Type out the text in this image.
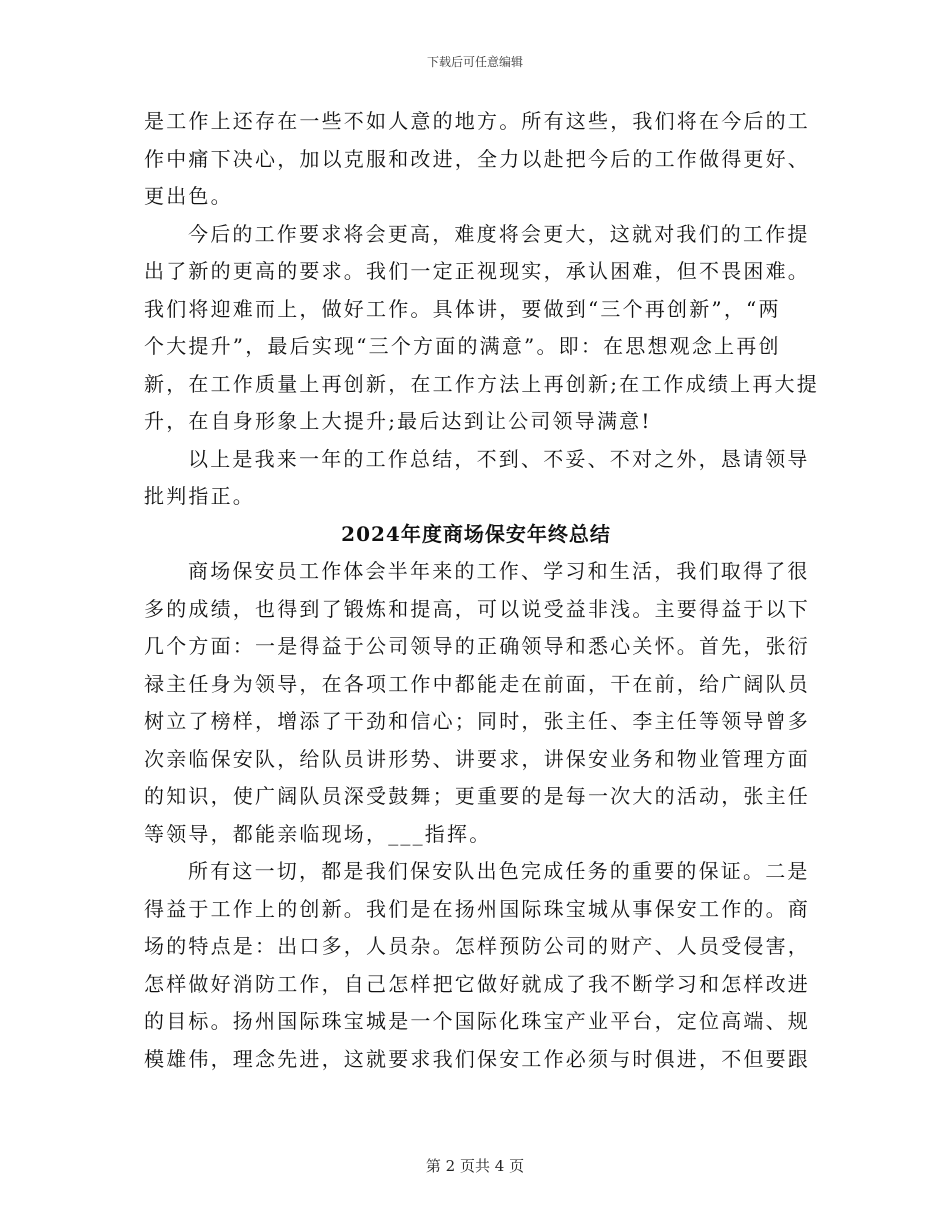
下载后可任意编辑

是工作上还存在一些不如人意的地方。所有这些，我们将在今后的工

作中痛下决心，加以克服和改进，全力以赴把今后的工作做得更好、

更出色。

今后的工作要求将会更高，难度将会更大，这就对我们的工作提

出了新的更高的要求。我们一定正视现实，承认困难，但不畏困难。

我们将迎难而上，做好工作。具体讲，要做到“三个再创新”，“两

个大提升”，最后实现“三个方面的满意”。即：在思想观念上再创

新，在工作质量上再创新，在工作方法上再创新;在工作成绩上再大提

升，在自身形象上大提升;最后达到让公司领导满意!

以上是我来一年的工作总结，不到、不妥、不对之外，恳请领导

批判指正。

2024年度商场保安年终总结

商场保安员工作体会半年来的工作、学习和生活，我们取得了很

多的成绩，也得到了锻炼和提高，可以说受益非浅。主要得益于以下

几个方面：一是得益于公司领导的正确领导和悉心关怀。首先，张衍

禄主任身为领导，在各项工作中都能走在前面，干在前，给广阔队员

树立了榜样，增添了干劲和信心；同时，张主任、李主任等领导曾多

次亲临保安队，给队员讲形势、讲要求，讲保安业务和物业管理方面

的知识，使广阔队员深受鼓舞；更重要的是每一次大的活动，张主任

等领导，都能亲临现场，___指挥。

所有这一切，都是我们保安队出色完成任务的重要的保证。二是

得益于工作上的创新。我们是在扬州国际珠宝城从事保安工作的。商

场的特点是：出口多，人员杂。怎样预防公司的财产、人员受侵害，

怎样做好消防工作，自己怎样把它做好就成了我不断学习和怎样改进

的目标。扬州国际珠宝城是一个国际化珠宝产业平台，定位高端、规

模雄伟，理念先进，这就要求我们保安工作必须与时俱进，不但要跟

第 2 页共 4 页
